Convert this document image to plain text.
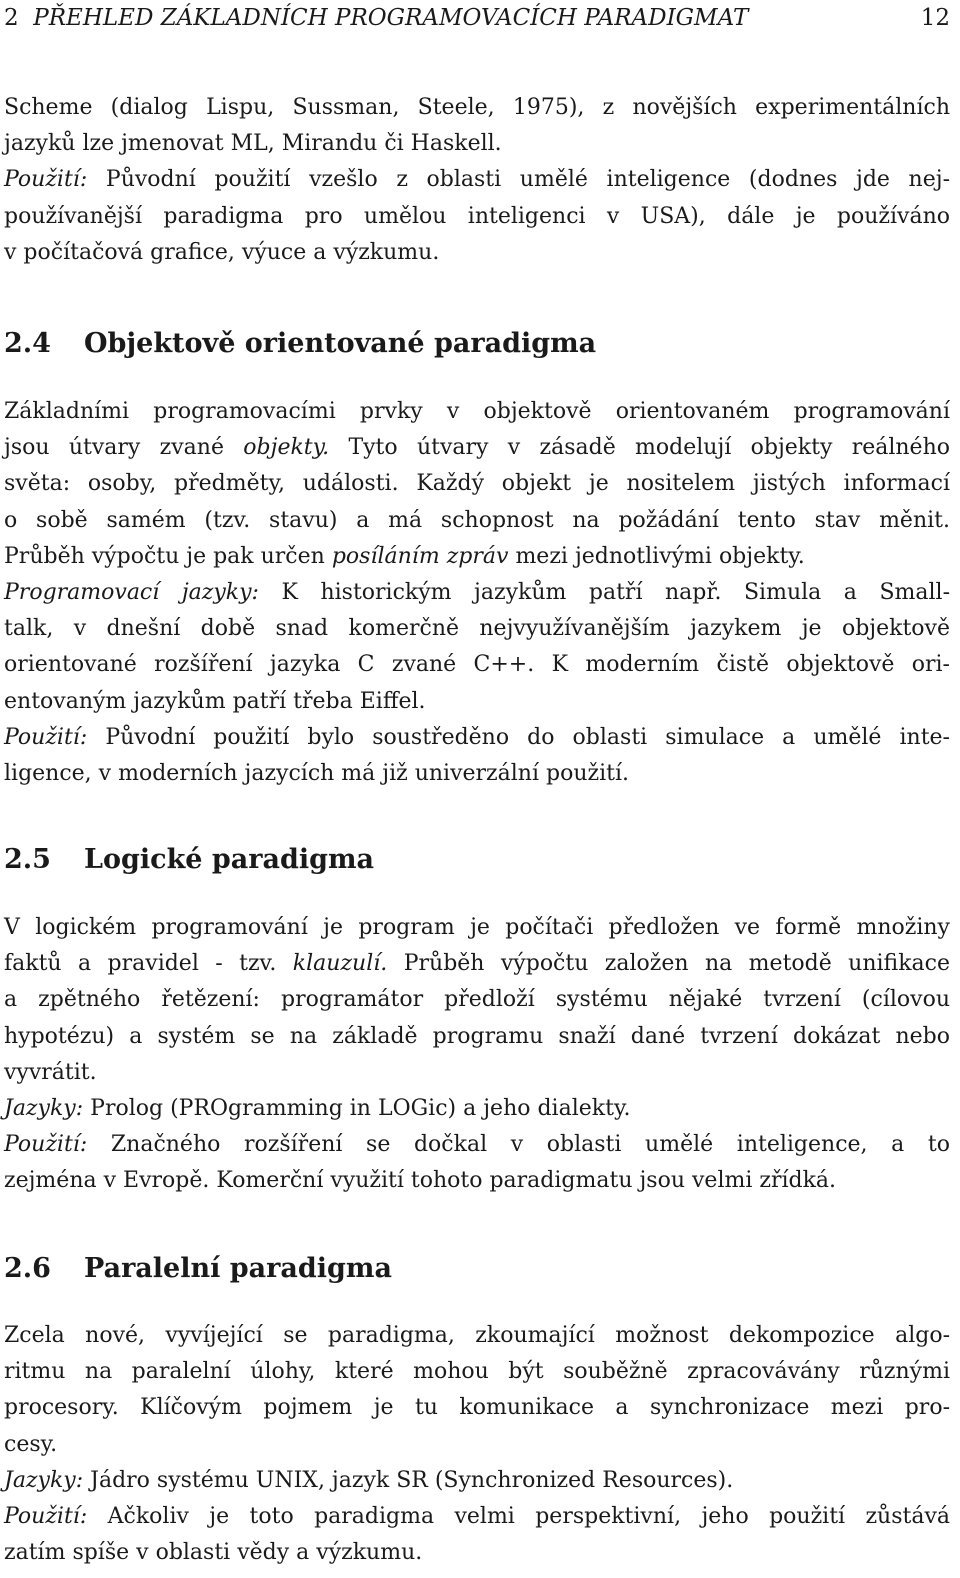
2 PŘEHLED ZÁKLADNÍCH PROGRAMOVACÍCH PARADIGMAT	12
Scheme (dialog Lispu, Sussman, Steele, 1975), z novějších experimentálních
jazyků lze jmenovat ML, Mirandu či Haskell.
Použití: Původní použití vzešlo z oblasti umělé inteligence (dodnes jde nej-
používanější paradigma pro umělou inteligenci v USA), dále je používáno
v počítačová grafice, výuce a výzkumu.
2.4 Objektově orientované paradigma
Základními programovacími prvky v objektově orientovaném programování
jsou útvary zvané objekty. Tyto útvary v zásadě modelují objekty reálného
světa: osoby, předměty, události. Každý objekt je nositelem jistých informací
o sobě samém (tzv. stavu) a má schopnost na požádání tento stav měnit.
Průběh výpočtu je pak určen posíláním zpráv mezi jednotlivými objekty.
Programovací jazyky: K historickým jazykům patří např. Simula a Small-
talk, v dnešní době snad komerčně nejvyužívanějším jazykem je objektově
orientované rozšíření jazyka C zvané C++. K moderním čistě objektově ori-
entovaným jazykům patří třeba Eiffel.
Použití: Původní použití bylo soustředěno do oblasti simulace a umělé inte-
ligence, v moderních jazycích má již univerzální použití.
2.5 Logické paradigma
V logickém programování je program je počítači předložen ve formě množiny
faktů a pravidel - tzv. klauzulí. Průběh výpočtu založen na metodě unifikace
a zpětného řetězení: programátor předloží systému nějaké tvrzení (cílovou
hypotézu) a systém se na základě programu snaží dané tvrzení dokázat nebo
vyvrátit.
Jazyky: Prolog (PROgramming in LOGic) a jeho dialekty.
Použití: Značného rozšíření se dočkal v oblasti umělé inteligence, a to
zejména v Evropě. Komerční využití tohoto paradigmatu jsou velmi zřídká.
2.6 Paralelní paradigma
Zcela nové, vyvíjející se paradigma, zkoumající možnost dekompozice algo-
ritmu na paralelní úlohy, které mohou být souběžně zpracovávány různými
procesory. Klíčovým pojmem je tu komunikace a synchronizace mezi pro-
cesy.
Jazyky: Jádro systému UNIX, jazyk SR (Synchronized Resources).
Použití: Ačkoliv je toto paradigma velmi perspektivní, jeho použití zůstává
zatím spíše v oblasti vědy a výzkumu.
